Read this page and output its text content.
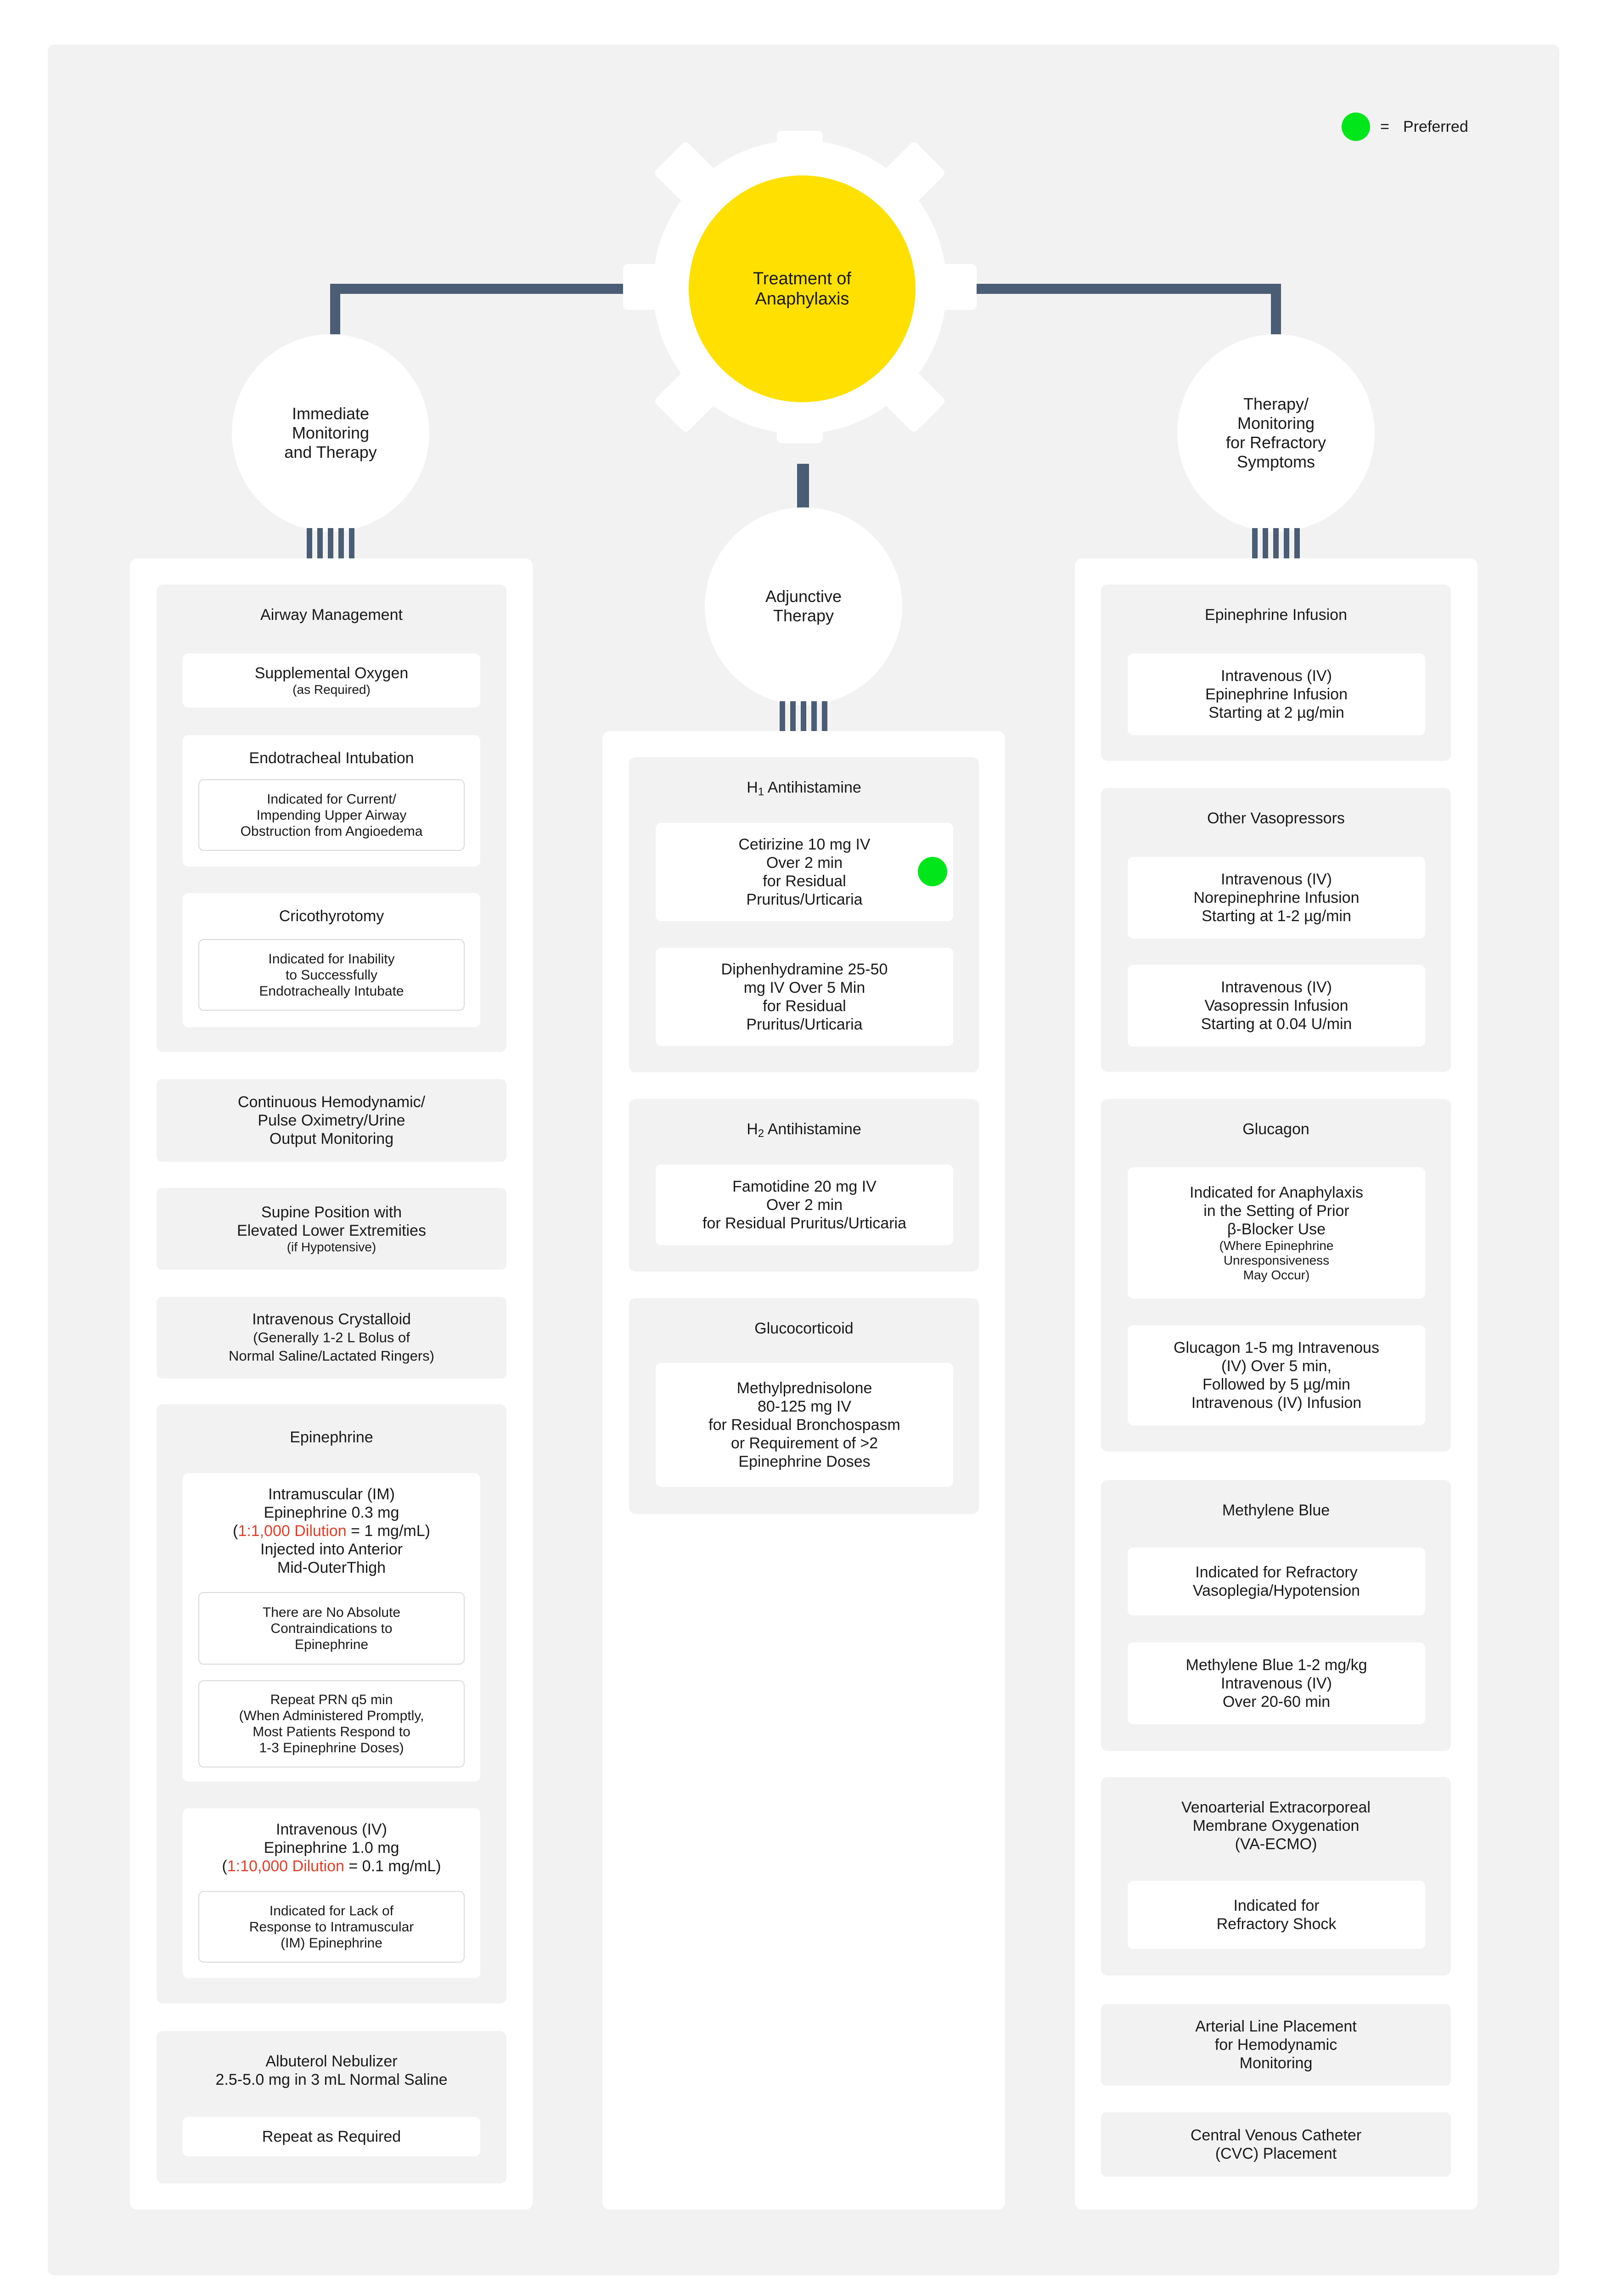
= Preferred
Treatment of
Anaphylaxis
Immediate
Monitoring
and Therapy
Adjunctive
Therapy
Therapy/
Monitoring
for Refractory
Symptoms
Airway Management
Supplemental Oxygen
(as Required)
Endotracheal Intubation
Indicated for Current/
Impending Upper Airway
Obstruction from Angioedema
Cricothyrotomy
Indicated for Inability
to Successfully
Endotracheally Intubate
Continuous Hemodynamic/
Pulse Oximetry/Urine
Output Monitoring
Supine Position with
Elevated Lower Extremities
(if Hypotensive)
Intravenous Crystalloid
(Generally 1-2 L Bolus of
Normal Saline/Lactated Ringers)
Epinephrine
Intramuscular (IM)
Epinephrine 0.3 mg
(1:1,000 Dilution = 1 mg/mL)
Injected into Anterior
Mid-OuterThigh
There are No Absolute
Contraindications to
Epinephrine
Repeat PRN q5 min
(When Administered Promptly,
Most Patients Respond to
1-3 Epinephrine Doses)
Intravenous (IV)
Epinephrine 1.0 mg
(1:10,000 Dilution = 0.1 mg/mL)
Indicated for Lack of
Response to Intramuscular
(IM) Epinephrine
Albuterol Nebulizer
2.5-5.0 mg in 3 mL Normal Saline
Repeat as Required
$H_1$ Antihistamine
Cetirizine 10 mg IV
Over 2 min
for Residual
Pruritus/Urticaria
Diphenhydramine 25-50
mg IV Over 5 Min
for Residual
Pruritus/Urticaria
$H_2$ Antihistamine
Famotidine 20 mg IV
Over 2 min
for Residual Pruritus/Urticaria
Glucocorticoid
Methylprednisolone
80-125 mg IV
for Residual Bronchospasm
or Requirement of >2
Epinephrine Doses
Epinephrine Infusion
Intravenous (IV)
Epinephrine Infusion
Starting at 2 µg/min
Other Vasopressors
Intravenous (IV)
Norepinephrine Infusion
Starting at 1-2 µg/min
Intravenous (IV)
Vasopressin Infusion
Starting at 0.04 U/min
Glucagon
Indicated for Anaphylaxis
in the Setting of Prior
β-Blocker Use
(Where Epinephrine
Unresponsiveness
May Occur)
Glucagon 1-5 mg Intravenous
(IV) Over 5 min,
Followed by 5 µg/min
Intravenous (IV) Infusion
Methylene Blue
Indicated for Refractory
Vasoplegia/Hypotension
Methylene Blue 1-2 mg/kg
Intravenous (IV)
Over 20-60 min
Venoarterial Extracorporeal
Membrane Oxygenation
(VA-ECMO)
Indicated for
Refractory Shock
Arterial Line Placement
for Hemodynamic
Monitoring
Central Venous Catheter
(CVC) Placement
